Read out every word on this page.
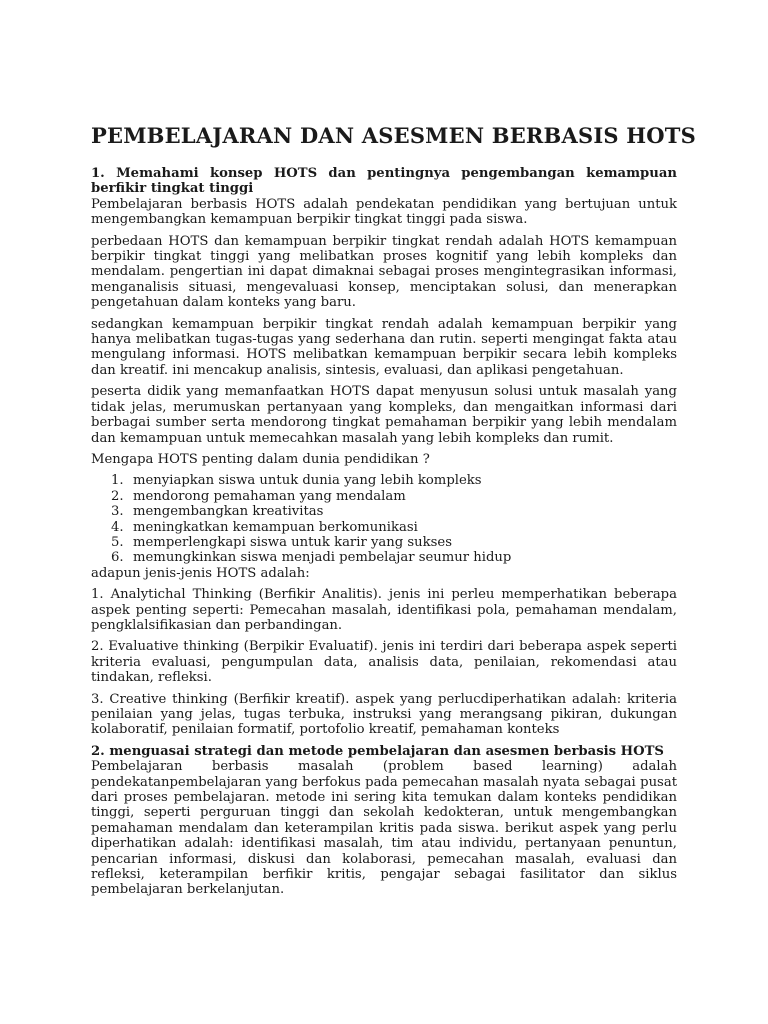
PEMBELAJARAN DAN ASESMEN BERBASIS HOTS
1. Memahami konsep HOTS dan pentingnya pengembangan kemampuan berfikir tingkat tinggi

Pembelajaran berbasis HOTS adalah pendekatan pendidikan yang bertujuan untuk mengembangkan kemampuan berpikir tingkat tinggi pada siswa.

perbedaan HOTS dan kemampuan berpikir tingkat rendah adalah HOTS kemampuan berpikir tingkat tinggi yang melibatkan proses kognitif yang lebih kompleks dan mendalam. pengertian ini dapat dimaknai sebagai proses mengintegrasikan informasi, menganalisis situasi, mengevaluasi konsep, menciptakan solusi, dan menerapkan pengetahuan dalam konteks yang baru.

sedangkan kemampuan berpikir tingkat rendah adalah kemampuan berpikir yang hanya melibatkan tugas-tugas yang sederhana dan rutin. seperti mengingat fakta atau mengulang informasi. HOTS melibatkan kemampuan berpikir secara lebih kompleks dan kreatif. ini mencakup analisis, sintesis, evaluasi, dan aplikasi pengetahuan.

peserta didik yang memanfaatkan HOTS dapat menyusun solusi untuk masalah yang tidak jelas, merumuskan pertanyaan yang kompleks, dan mengaitkan informasi dari berbagai sumber serta mendorong tingkat pemahaman berpikir yang lebih mendalam dan kemampuan untuk memecahkan masalah yang lebih kompleks dan rumit.

Mengapa HOTS penting dalam dunia pendidikan ?

1. menyiapkan siswa untuk dunia yang lebih kompleks
2. mendorong pemahaman yang mendalam
3. mengembangkan kreativitas
4. meningkatkan kemampuan berkomunikasi
5. memperlengkapi siswa untuk karir yang sukses
6. memungkinkan siswa menjadi pembelajar seumur hidup

adapun jenis-jenis HOTS adalah:

1. Analytichal Thinking (Berfikir Analitis). jenis ini perleu memperhatikan beberapa aspek penting seperti: Pemecahan masalah, identifikasi pola, pemahaman mendalam, pengklalsifikasian dan perbandingan.

2. Evaluative thinking (Berpikir Evaluatif). jenis ini terdiri dari beberapa aspek seperti kriteria evaluasi, pengumpulan data, analisis data, penilaian, rekomendasi atau tindakan, refleksi.

3. Creative thinking (Berfikir kreatif). aspek yang perlucdiperhatikan adalah: kriteria penilaian yang jelas, tugas terbuka, instruksi yang merangsang pikiran, dukungan kolaboratif, penilaian formatif, portofolio kreatif, pemahaman konteks

2. menguasai strategi dan metode pembelajaran dan asesmen berbasis HOTS

Pembelajaran berbasis masalah (problem based learning) adalah pendekatanpembelajaran yang berfokus pada pemecahan masalah nyata sebagai pusat dari proses pembelajaran. metode ini sering kita temukan dalam konteks pendidikan tinggi, seperti perguruan tinggi dan sekolah kedokteran, untuk mengembangkan pemahaman mendalam dan keterampilan kritis pada siswa. berikut aspek yang perlu diperhatikan adalah: identifikasi masalah, tim atau individu, pertanyaan penuntun, pencarian informasi, diskusi dan kolaborasi, pemecahan masalah, evaluasi dan refleksi, keterampilan berfikir kritis, pengajar sebagai fasilitator dan siklus pembelajaran berkelanjutan.
